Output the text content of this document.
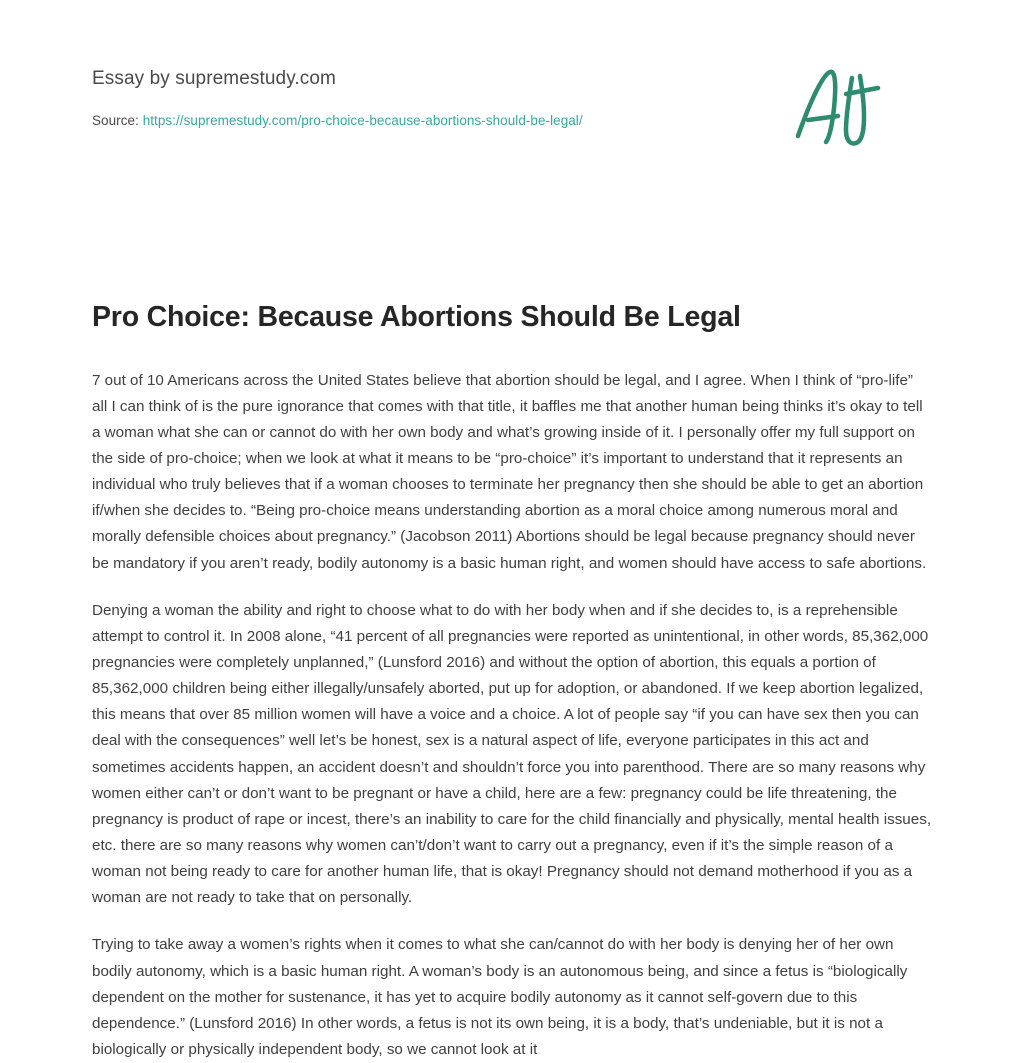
Essay by supremestudy.com
Source: https://supremestudy.com/pro-choice-because-abortions-should-be-legal/
Pro Choice: Because Abortions Should Be Legal

7 out of 10 Americans across the United States believe that abortion should be legal, and I agree. When I think of “pro-life” all I can think of is the pure ignorance that comes with that title, it baffles me that another human being thinks it’s okay to tell a woman what she can or cannot do with her own body and what’s growing inside of it. I personally offer my full support on the side of pro-choice; when we look at what it means to be “pro-choice” it’s important to understand that it represents an individual who truly believes that if a woman chooses to terminate her pregnancy then she should be able to get an abortion if/when she decides to. “Being pro-choice means understanding abortion as a moral choice among numerous moral and morally defensible choices about pregnancy.” (Jacobson 2011) Abortions should be legal because pregnancy should never be mandatory if you aren’t ready, bodily autonomy is a basic human right, and women should have access to safe abortions.

Denying a woman the ability and right to choose what to do with her body when and if she decides to, is a reprehensible attempt to control it. In 2008 alone, “41 percent of all pregnancies were reported as unintentional, in other words, 85,362,000 pregnancies were completely unplanned,” (Lunsford 2016) and without the option of abortion, this equals a portion of 85,362,000 children being either illegally/unsafely aborted, put up for adoption, or abandoned. If we keep abortion legalized, this means that over 85 million women will have a voice and a choice. A lot of people say “if you can have sex then you can deal with the consequences” well let’s be honest, sex is a natural aspect of life, everyone participates in this act and sometimes accidents happen, an accident doesn’t and shouldn’t force you into parenthood. There are so many reasons why women either can’t or don’t want to be pregnant or have a child, here are a few: pregnancy could be life threatening, the pregnancy is product of rape or incest, there’s an inability to care for the child financially and physically, mental health issues, etc. there are so many reasons why women can’t/don’t want to carry out a pregnancy, even if it’s the simple reason of a woman not being ready to care for another human life, that is okay! Pregnancy should not demand motherhood if you as a woman are not ready to take that on personally.

Trying to take away a women’s rights when it comes to what she can/cannot do with her body is denying her of her own bodily autonomy, which is a basic human right. A woman’s body is an autonomous being, and since a fetus is “biologically dependent on the mother for sustenance, it has yet to acquire bodily autonomy as it cannot self-govern due to this dependence.” (Lunsford 2016) In other words, a fetus is not its own being, it is a body, that’s undeniable, but it is not a biologically or physically independent body, so we cannot look at it
